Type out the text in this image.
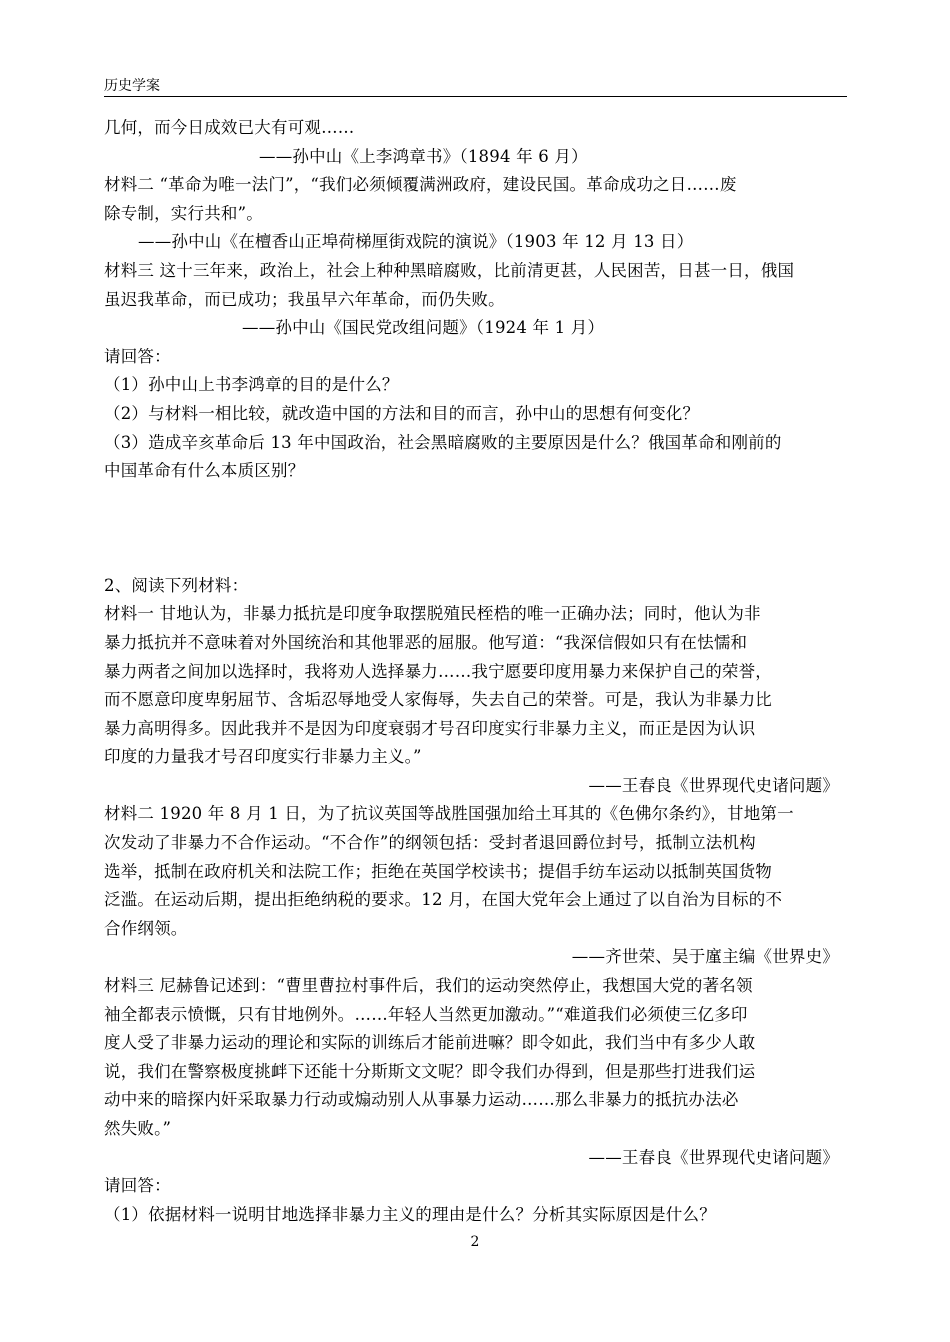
历史学案

几何，而今日成效已大有可观……

——孙中山《上李鸿章书》（1894 年 6 月）

材料二 “革命为唯一法门”，“我们必须倾覆满洲政府，建设民国。革命成功之日……废

除专制，实行共和”。

——孙中山《在檀香山正埠荷梯厘街戏院的演说》（1903 年 12 月 13 日）

材料三 这十三年来，政治上，社会上种种黑暗腐败，比前清更甚，人民困苦，日甚一日，俄国

虽迟我革命，而已成功；我虽早六年革命，而仍失败。

——孙中山《国民党改组问题》（1924 年 1 月）

请回答：

（1）孙中山上书李鸿章的目的是什么？

（2）与材料一相比较，就改造中国的方法和目的而言，孙中山的思想有何变化？

（3）造成辛亥革命后 13 年中国政治，社会黑暗腐败的主要原因是什么？俄国革命和刚前的

中国革命有什么本质区别？

2、阅读下列材料：

材料一 甘地认为，非暴力抵抗是印度争取摆脱殖民桎梏的唯一正确办法；同时，他认为非

暴力抵抗并不意味着对外国统治和其他罪恶的屈服。他写道：“我深信假如只有在怯懦和

暴力两者之间加以选择时，我将劝人选择暴力……我宁愿要印度用暴力来保护自己的荣誉，

而不愿意印度卑躬屈节、含垢忍辱地受人家侮辱，失去自己的荣誉。可是，我认为非暴力比

暴力高明得多。因此我并不是因为印度衰弱才号召印度实行非暴力主义，而正是因为认识

印度的力量我才号召印度实行非暴力主义。”

——王春良《世界现代史诸问题》

材料二 1920 年 8 月 1 日，为了抗议英国等战胜国强加给土耳其的《色佛尔条约》，甘地第一

次发动了非暴力不合作运动。“不合作”的纲领包括：受封者退回爵位封号，抵制立法机构

选举，抵制在政府机关和法院工作；拒绝在英国学校读书；提倡手纺车运动以抵制英国货物

泛滥。在运动后期，提出拒绝纳税的要求。12 月，在国大党年会上通过了以自治为目标的不

合作纲领。

——齐世荣、吴于廑主编《世界史》

材料三 尼赫鲁记述到：“曹里曹拉村事件后，我们的运动突然停止，我想国大党的著名领

袖全都表示愤慨，只有甘地例外。……年轻人当然更加激动。”“难道我们必须使三亿多印

度人受了非暴力运动的理论和实际的训练后才能前进嘛？即令如此，我们当中有多少人敢

说，我们在警察极度挑衅下还能十分斯斯文文呢？即令我们办得到，但是那些打进我们运

动中来的暗探内奸采取暴力行动或煽动别人从事暴力运动……那么非暴力的抵抗办法必

然失败。”

——王春良《世界现代史诸问题》

请回答：

（1）依据材料一说明甘地选择非暴力主义的理由是什么？分析其实际原因是什么？

2
